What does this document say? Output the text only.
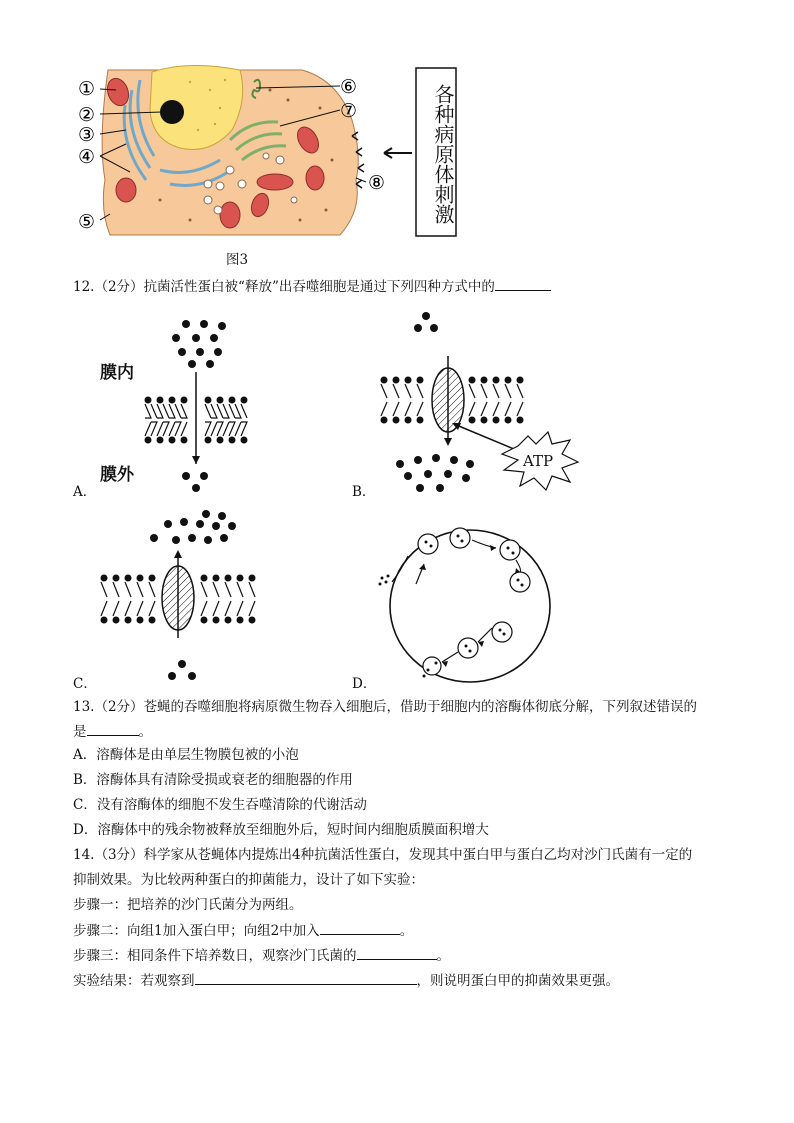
①
②
③
④
⑤
⑥
⑦
⑧	各种病原体刺激
图3
12.（2分）抗菌活性蛋白被“释放”出吞噬细胞是通过下列四种方式中的
膜内
膜外
A．
ATP
B．
C．	D．
13.（2分）苍蝇的吞噬细胞将病原微生物吞入细胞后，借助于细胞内的溶酶体彻底分解，下列叙述错误的
是	。
A．溶酶体是由单层生物膜包被的小泡
B．溶酶体具有清除受损或衰老的细胞器的作用
C．没有溶酶体的细胞不发生吞噬清除的代谢活动
D．溶酶体中的残余物被释放至细胞外后，短时间内细胞质膜面积增大
14.（3分）科学家从苍蝇体内提炼出4种抗菌活性蛋白，发现其中蛋白甲与蛋白乙均对沙门氏菌有一定的
抑制效果。为比较两种蛋白的抑菌能力，设计了如下实验：
步骤一：把培养的沙门氏菌分为两组。
步骤二：向组1加入蛋白甲；向组2中加入	。
步骤三：相同条件下培养数日，观察沙门氏菌的	。
实验结果：若观察到	，则说明蛋白甲的抑菌效果更强。
